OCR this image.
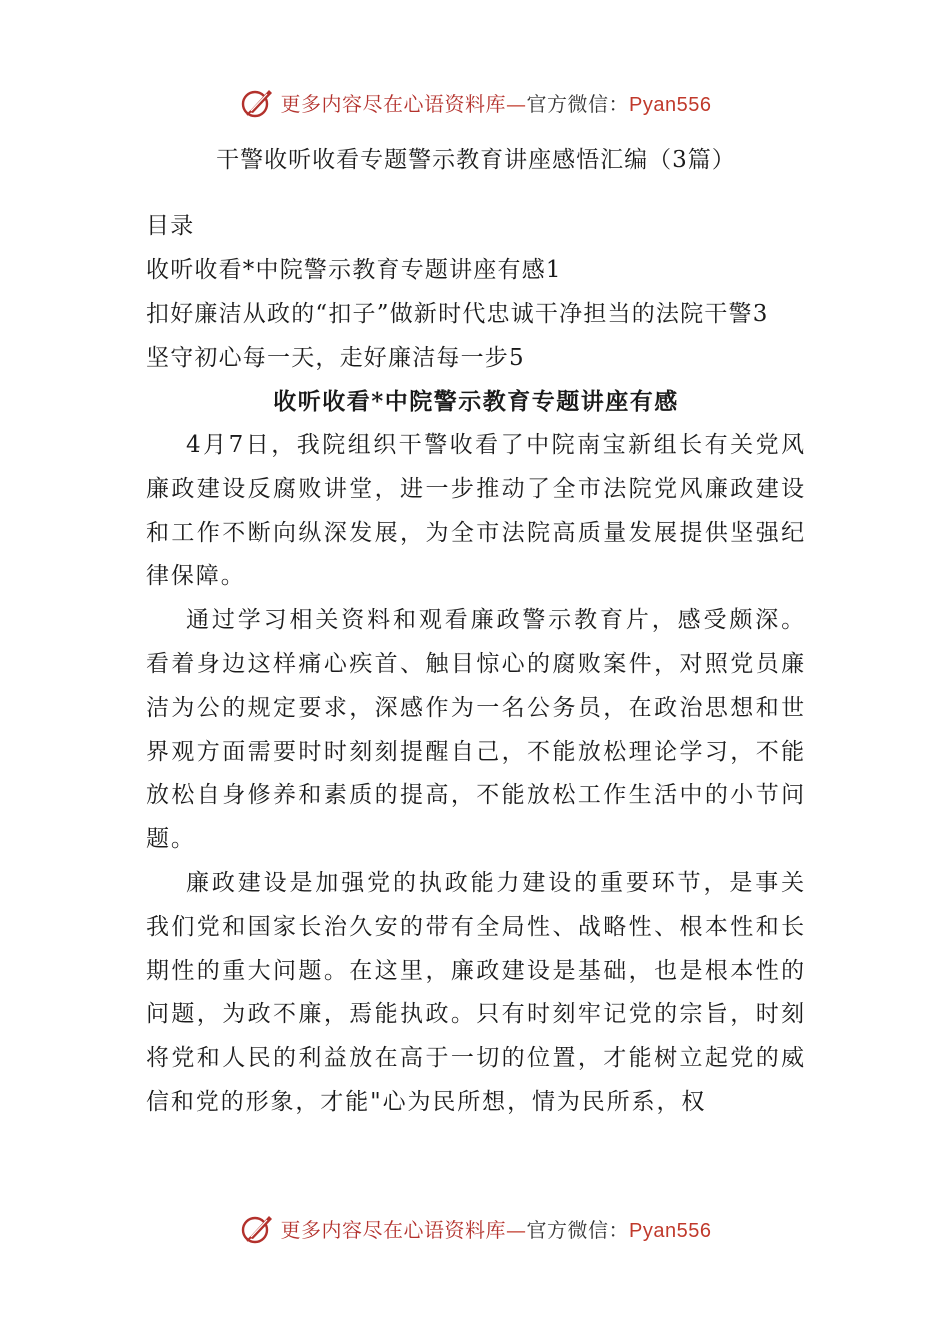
更多内容尽在心语资料库—官方微信：Pyan556

干警收听收看专题警示教育讲座感悟汇编（3篇）

目录

收听收看*中院警示教育专题讲座有感1

扣好廉洁从政的“扣子”做新时代忠诚干净担当的法院干警3

坚守初心每一天，走好廉洁每一步5

收听收看*中院警示教育专题讲座有感

4月7日，我院组织干警收看了中院南宝新组长有关党风廉政建设反腐败讲堂，进一步推动了全市法院党风廉政建设和工作不断向纵深发展，为全市法院高质量发展提供坚强纪律保障。

通过学习相关资料和观看廉政警示教育片，感受颇深。看着身边这样痛心疾首、触目惊心的腐败案件，对照党员廉洁为公的规定要求，深感作为一名公务员，在政治思想和世界观方面需要时时刻刻提醒自己，不能放松理论学习，不能放松自身修养和素质的提高，不能放松工作生活中的小节问题。

廉政建设是加强党的执政能力建设的重要环节，是事关我们党和国家长治久安的带有全局性、战略性、根本性和长期性的重大问题。在这里，廉政建设是基础，也是根本性的问题，为政不廉，焉能执政。只有时刻牢记党的宗旨，时刻将党和人民的利益放在高于一切的位置，才能树立起党的威信和党的形象，才能"心为民所想，情为民所系，权

更多内容尽在心语资料库—官方微信：Pyan556
